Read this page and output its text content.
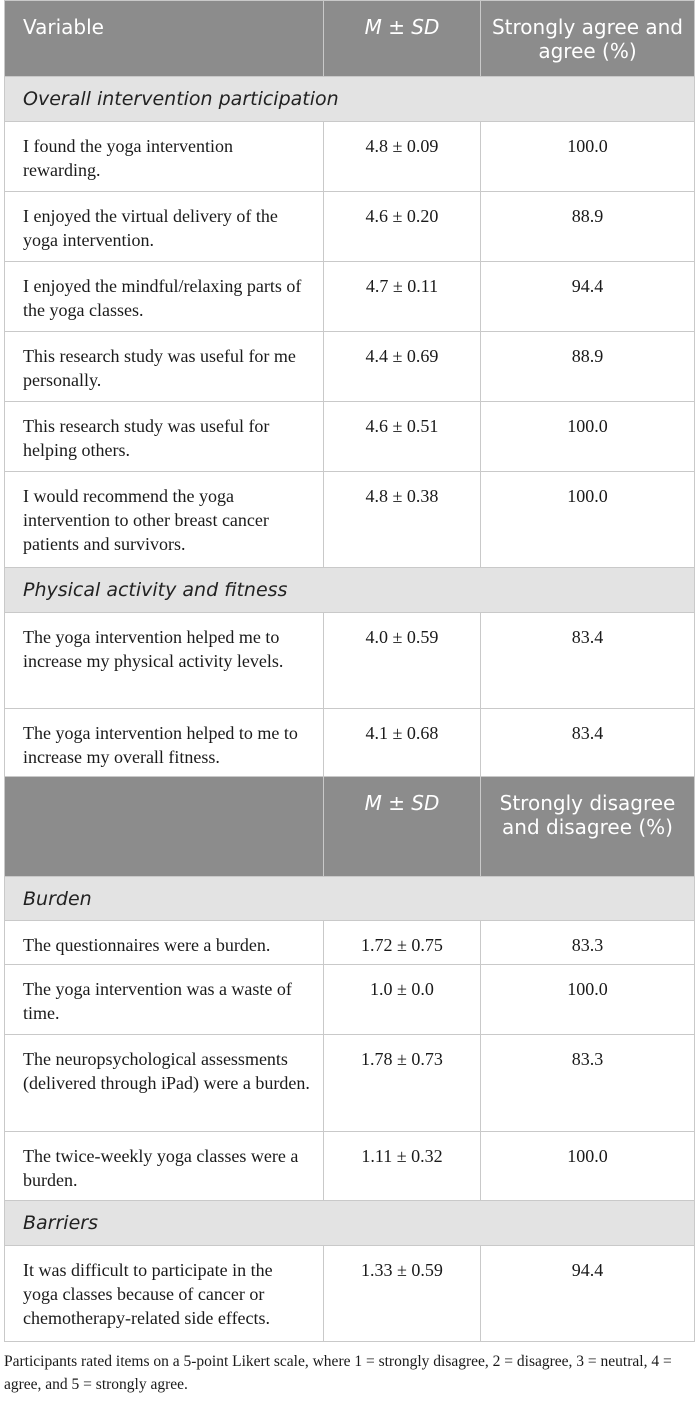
Variable	M ± SD	Strongly agree and agree (%)
Overall intervention participation		
I found the yoga intervention rewarding.	4.8 ± 0.09	100.0
I enjoyed the virtual delivery of the yoga intervention.	4.6 ± 0.20	88.9
I enjoyed the mindful/relaxing parts of the yoga classes.	4.7 ± 0.11	94.4
This research study was useful for me personally.	4.4 ± 0.69	88.9
This research study was useful for helping others.	4.6 ± 0.51	100.0
I would recommend the yoga intervention to other breast cancer patients and survivors.	4.8 ± 0.38	100.0
Physical activity and fitness		
The yoga intervention helped me to increase my physical activity levels.	4.0 ± 0.59	83.4
The yoga intervention helped to me to increase my overall fitness.	4.1 ± 0.68	83.4
	M ± SD	Strongly disagree and disagree (%)
Burden		
The questionnaires were a burden.	1.72 ± 0.75	83.3
The yoga intervention was a waste of time.	1.0 ± 0.0	100.0
The neuropsychological assessments (delivered through iPad) were a burden.	1.78 ± 0.73	83.3
The twice-weekly yoga classes were a burden.	1.11 ± 0.32	100.0
Barriers		
It was difficult to participate in the yoga classes because of cancer or chemotherapy-related side effects.	1.33 ± 0.59	94.4
Participants rated items on a 5-point Likert scale, where 1 = strongly disagree, 2 = disagree, 3 = neutral, 4 = agree, and 5 = strongly agree.
